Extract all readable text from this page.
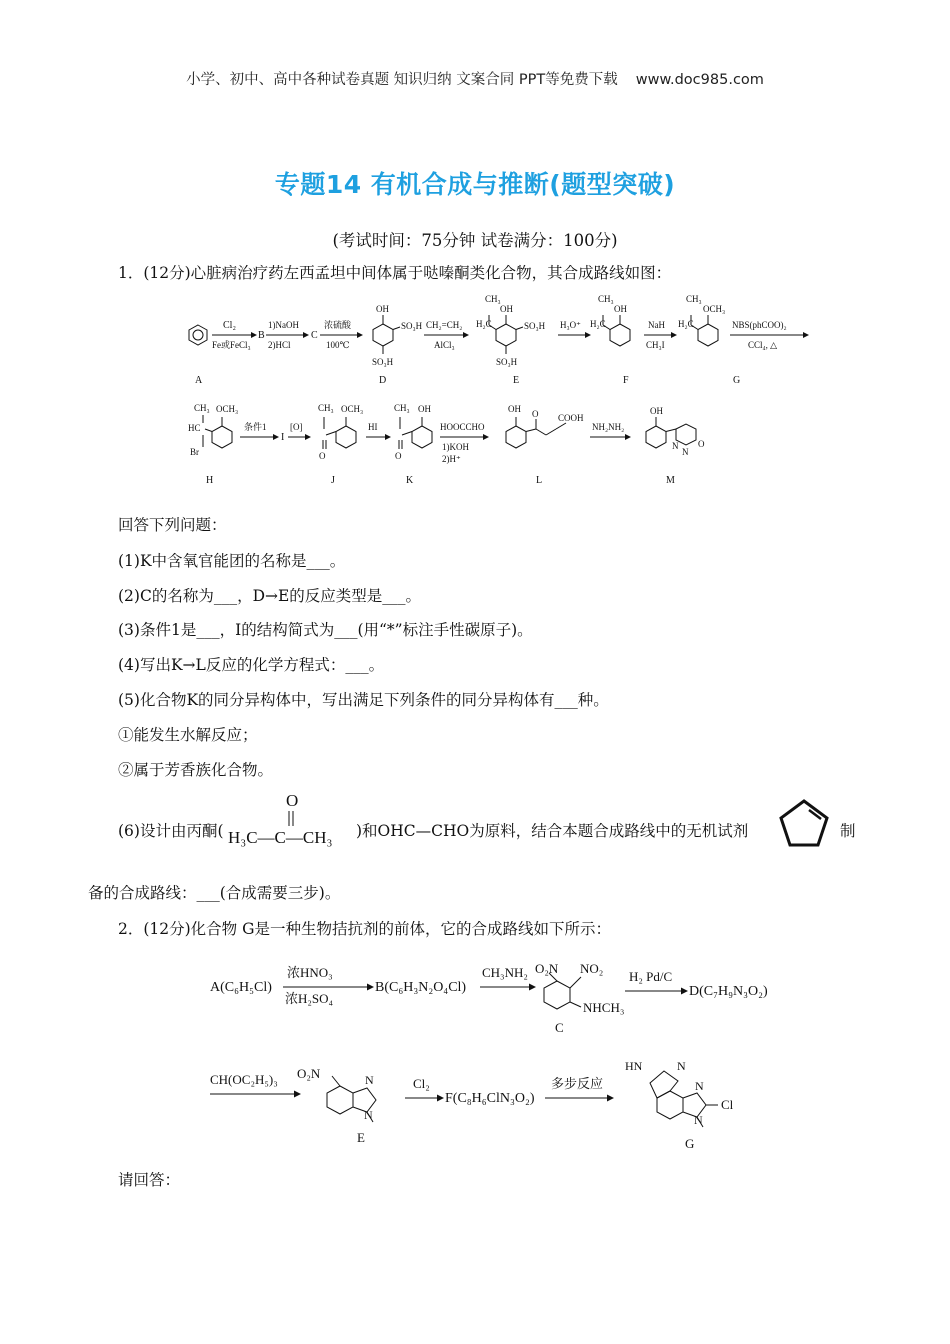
小学、初中、高中各种试卷真题 知识归纳 文案合同 PPT等免费下载 www.doc985.com
专题14 有机合成与推断(题型突破)
(考试时间：75分钟 试卷满分：100分)
1．(12分)心脏病治疗药左西孟坦中间体属于哒嗪酮类化合物，其合成路线如图：
Cl₂
Fe或FeCl₃
B
1)NaOH
2)HCl
C
浓硫酸
100℃
OH
SO₃H
SO₃H
CH₂=CH₂
AlCl₃
CH₃
H₂C
OH
SO₃H
SO₃H
H₃O⁺
CH₃
H₂C
OH
NaH
CH₃I
CH₃
H₂C
OCH₃
NBS(phCOO)₂
CCl₄, △
A	D	E	F	G
CH₃
HC
OCH₃
Br
条件1
I
[O]
CH₃ OCH₃
O
HI
CH₃ OH
O
HOOCCHO
1)KOH
2)H⁺
OH O COOH
NH₂NH₂
OH
N
N
O
H	J	K	L	M
回答下列问题：
(1)K中含氧官能团的名称是___。
(2)C的名称为___，D→E的反应类型是___。
(3)条件1是___，I的结构简式为___(用“*”标注手性碳原子)。
(4)写出K→L反应的化学方程式：___。
(5)化合物K的同分异构体中，写出满足下列条件的同分异构体有___种。
①能发生水解反应；
②属于芳香族化合物。
(6)设计由丙酮(
O
H₃C—C—CH₃ )和OHC—CHO为原料，结合本题合成路线中的无机试剂	制
备的合成路线：___(合成需要三步)。
2．(12分)化合物 G是一种生物拮抗剂的前体，它的合成路线如下所示：
A(C₆H₅Cl)
浓HNO₃
浓H₂SO₄
B(C₆H₃N₂O₄Cl)
CH₃NH₂ O₂N NO₂
NHCH₃
C
H₂ Pd/C
D(C₇H₉N₃O₂)
CH(OC₂H₅)₃ O₂N	N
N
E
Cl₂
F(C₈H₆ClN₃O₂)
多步反应
HN	N
N
N
Cl
G
请回答：
